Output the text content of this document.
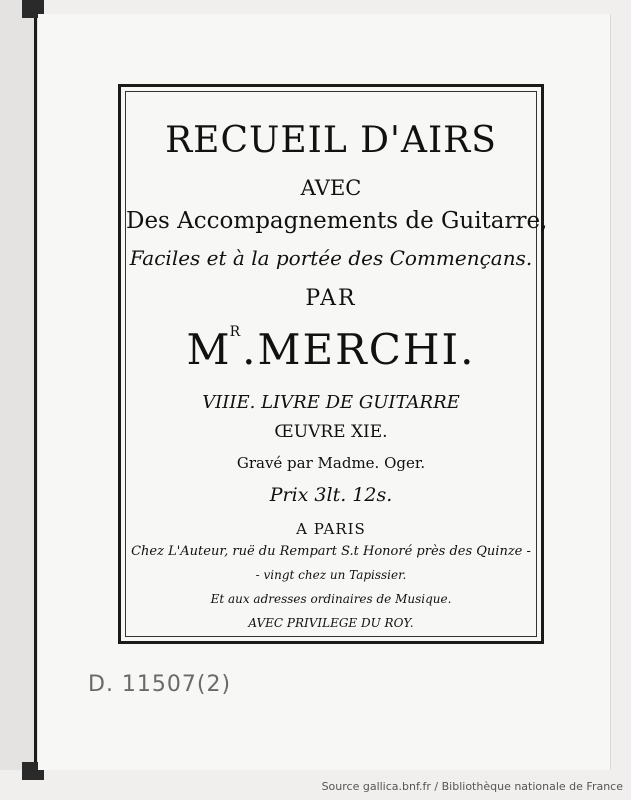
RECUEIL D'AIRS
AVEC
Des Accompagnements de Guitarre,
Faciles et à la portée des Commençans.
PAR
$M^R.MERCHI$.
VIIIE. LIVRE DE GUITARRE
ŒUVRE XIE.
Gravé par Madme. Oger.
Prix 3lt. 12s.
A PARIS
Chez L'Auteur, ruë du Rempart S.t Honoré près des Quinze -
- vingt chez un Tapissier.
Et aux adresses ordinaires de Musique.
AVEC PRIVILEGE DU ROY.
D. 11507(2)
Source gallica.bnf.fr / Bibliothèque nationale de France
